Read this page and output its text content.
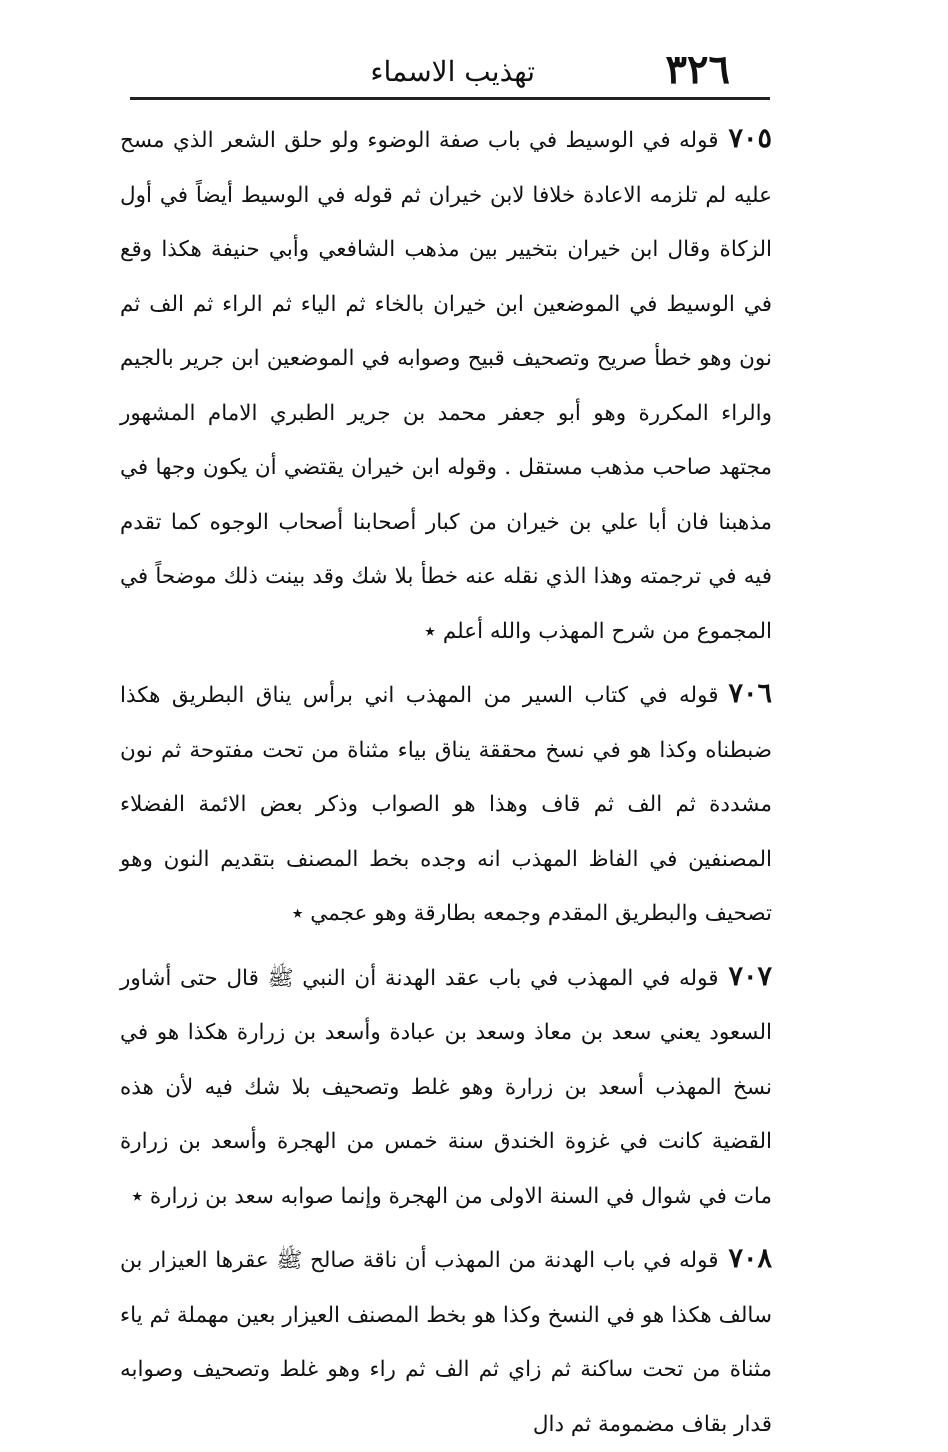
٣٢٦
تهذيب الاسماء

٧٠٥قوله في الوسيط في باب صفة الوضوء ولو حلق الشعر الذي مسح عليه لم تلزمه الاعادة خلافا لابن خيران ثم قوله في الوسيط أيضاً في أول الزكاة وقال ابن خيران بتخيير بين مذهب الشافعي وأبي حنيفة هكذا وقع في الوسيط في الموضعين ابن خيران بالخاء ثم الياء ثم الراء ثم الف ثم نون وهو خطأ صريح وتصحيف قبيح وصوابه في الموضعين ابن جرير بالجيم والراء المكررة وهو أبو جعفر محمد بن جرير الطبري الامام المشهور مجتهد صاحب مذهب مستقل . وقوله ابن خيران يقتضي أن يكون وجها في مذهبنا فان أبا علي بن خيران من كبار أصحابنا أصحاب الوجوه كما تقدم فيه في ترجمته وهذا الذي نقله عنه خطأ بلا شك وقد بينت ذلك موضحاً في المجموع من شرح المهذب والله أعلم ٭

٧٠٦قوله في كتاب السير من المهذب اني برأس يناق البطريق هكذا ضبطناه وكذا هو في نسخ محققة يناق بياء مثناة من تحت مفتوحة ثم نون مشددة ثم الف ثم قاف وهذا هو الصواب وذكر بعض الائمة الفضلاء المصنفين في الفاظ المهذب انه وجده بخط المصنف بتقديم النون وهو تصحيف والبطريق المقدم وجمعه بطارقة وهو عجمي ٭

٧٠٧قوله في المهذب في باب عقد الهدنة أن النبي ﷺ قال حتى أشاور السعود يعني سعد بن معاذ وسعد بن عبادة وأسعد بن زرارة هكذا هو في نسخ المهذب أسعد بن زرارة وهو غلط وتصحيف بلا شك فيه لأن هذه القضية كانت في غزوة الخندق سنة خمس من الهجرة وأسعد بن زرارة مات في شوال في السنة الاولى من الهجرة وإنما صوابه سعد بن زرارة ٭

٧٠٨قوله في باب الهدنة من المهذب أن ناقة صالح ﷺ عقرها العيزار بن سالف هكذا هو في النسخ وكذا هو بخط المصنف العيزار بعين مهملة ثم ياء مثناة من تحت ساكنة ثم زاي ثم الف ثم راء وهو غلط وتصحيف وصوابه قدار بقاف مضمومة ثم دال
